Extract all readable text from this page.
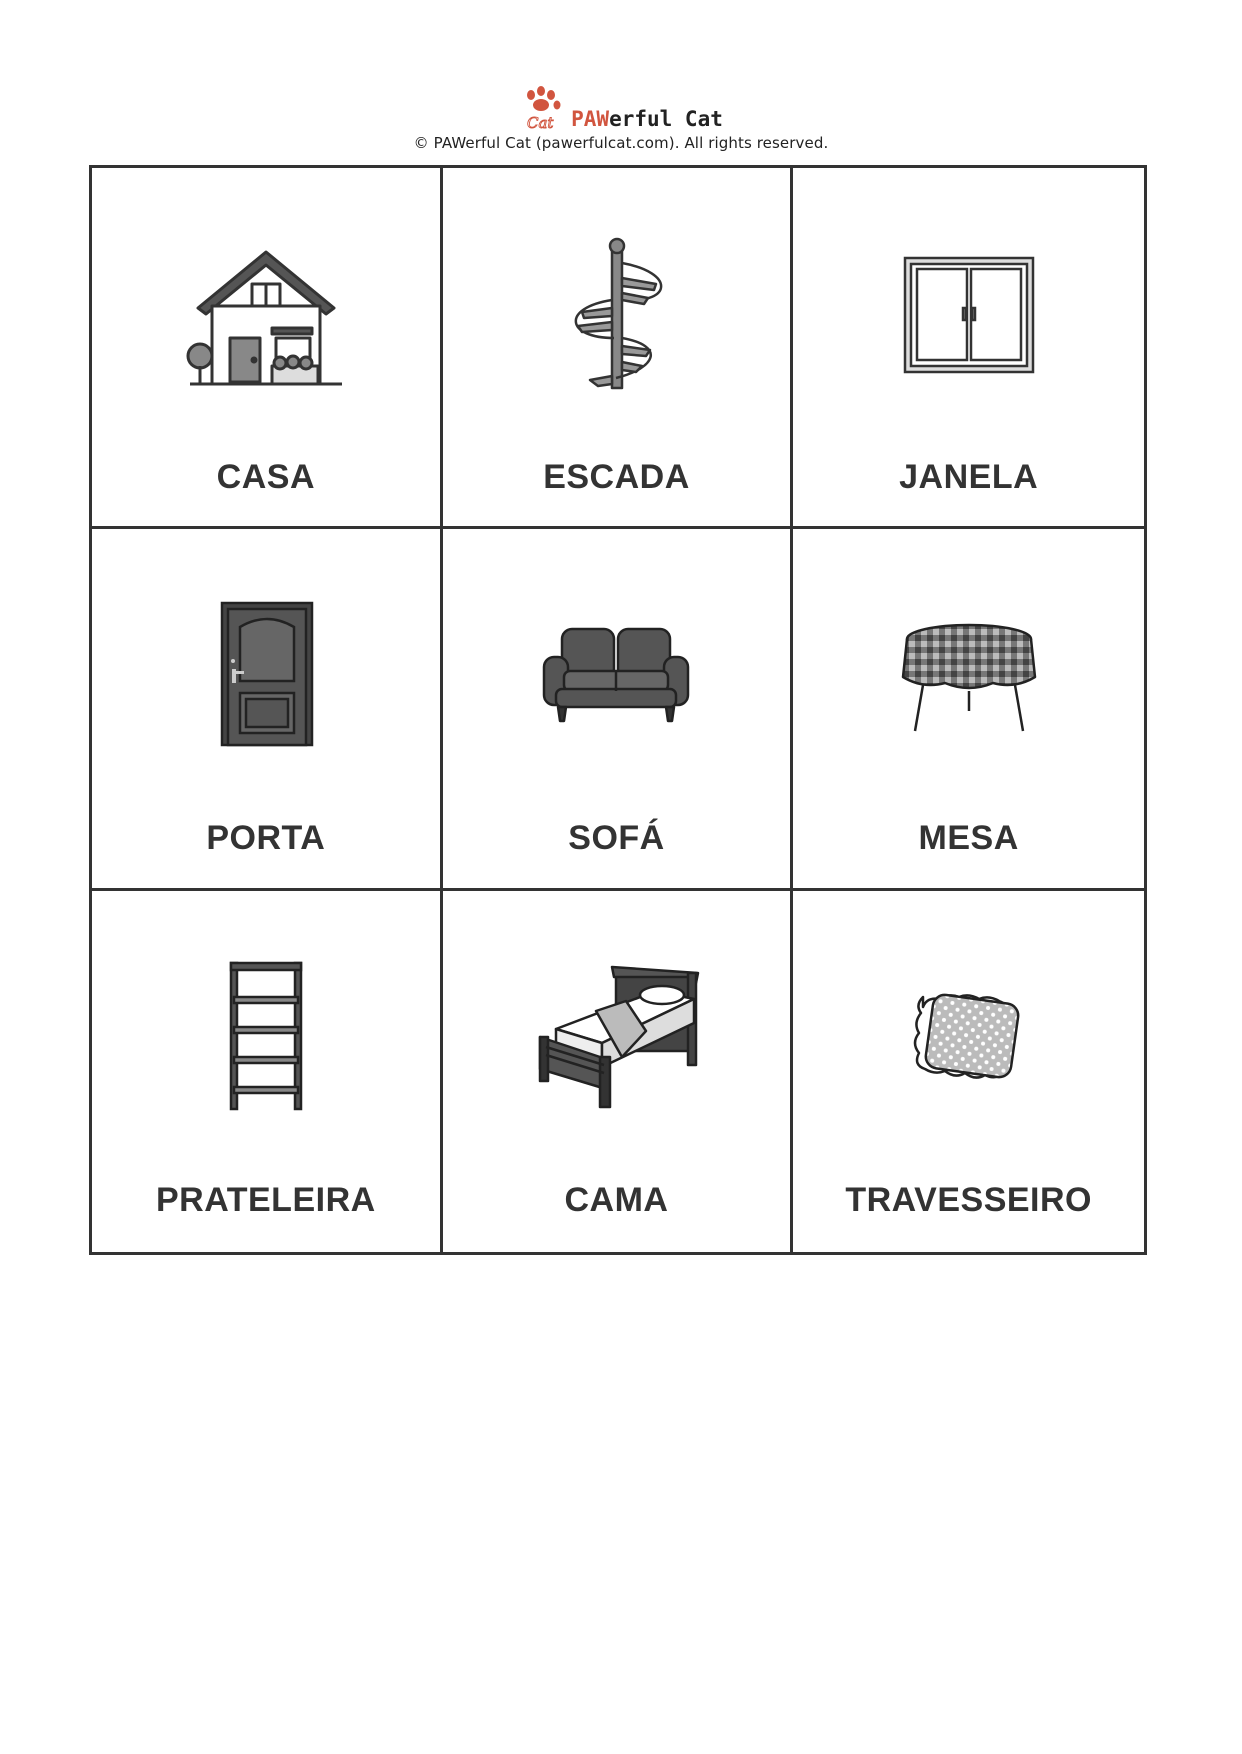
Cat PAWerful Cat
© PAWerful Cat (pawerfulcat.com). All rights reserved.
CASA	ESCADA	JANELA
PORTA	SOFÁ	MESA
PRATELEIRA	CAMA	TRAVESSEIRO
